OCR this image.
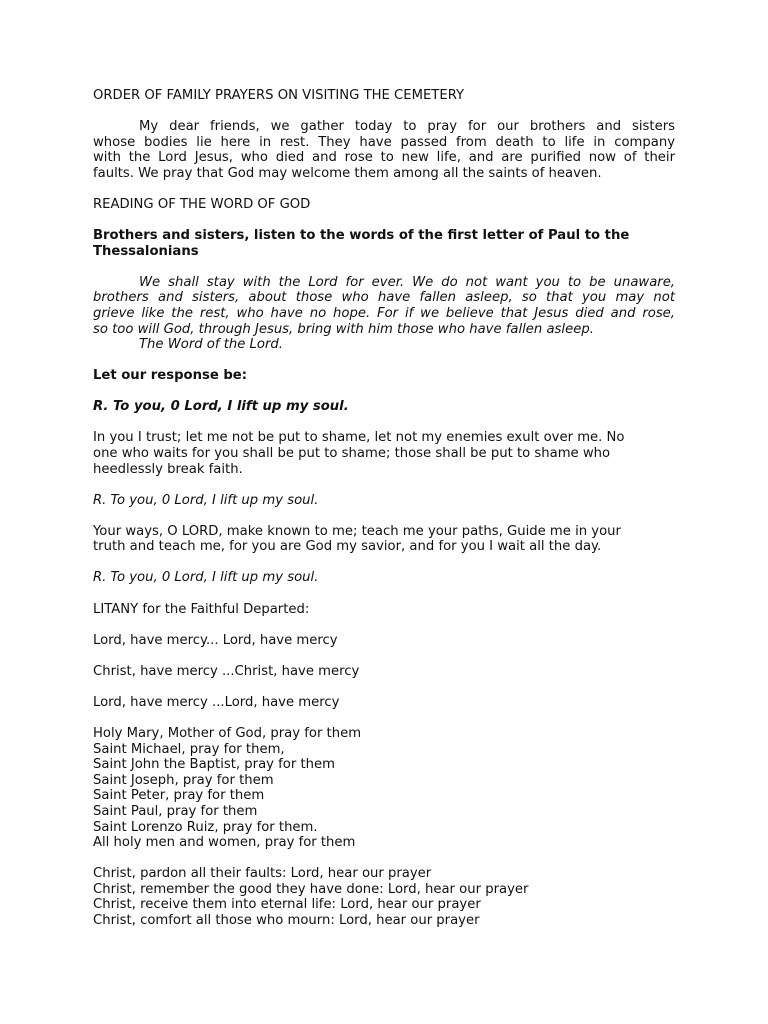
ORDER OF FAMILY PRAYERS ON VISITING THE CEMETERY

My dear friends, we gather today to pray for our brothers and sisters
whose bodies lie here in rest. They have passed from death to life in company
with the Lord Jesus, who died and rose to new life, and are purified now of their
faults. We pray that God may welcome them among all the saints of heaven.

READING OF THE WORD OF GOD

Brothers and sisters, listen to the words of the first letter of Paul to the
Thessalonians
We shall stay with the Lord for ever. We do not want you to be unaware,
brothers and sisters, about those who have fallen asleep, so that you may not
grieve like the rest, who have no hope. For if we believe that Jesus died and rose,
so too will God, through Jesus, bring with him those who have fallen asleep.
The Word of the Lord.

Let our response be:

R. To you, 0 Lord, I lift up my soul.

In you I trust; let me not be put to shame, let not my enemies exult over me. No
one who waits for you shall be put to shame; those shall be put to shame who
heedlessly break faith.

R. To you, 0 Lord, I lift up my soul.

Your ways, O LORD, make known to me; teach me your paths, Guide me in your
truth and teach me, for you are God my savior, and for you I wait all the day.

R. To you, 0 Lord, I lift up my soul.

LITANY for the Faithful Departed:

Lord, have mercy... Lord, have mercy

Christ, have mercy ...Christ, have mercy

Lord, have mercy ...Lord, have mercy

Holy Mary, Mother of God, pray for them
Saint Michael, pray for them,
Saint John the Baptist, pray for them
Saint Joseph, pray for them
Saint Peter, pray for them
Saint Paul, pray for them
Saint Lorenzo Ruiz, pray for them.
All holy men and women, pray for them
Christ, pardon all their faults: Lord, hear our prayer
Christ, remember the good they have done: Lord, hear our prayer
Christ, receive them into eternal life: Lord, hear our prayer
Christ, comfort all those who mourn: Lord, hear our prayer
